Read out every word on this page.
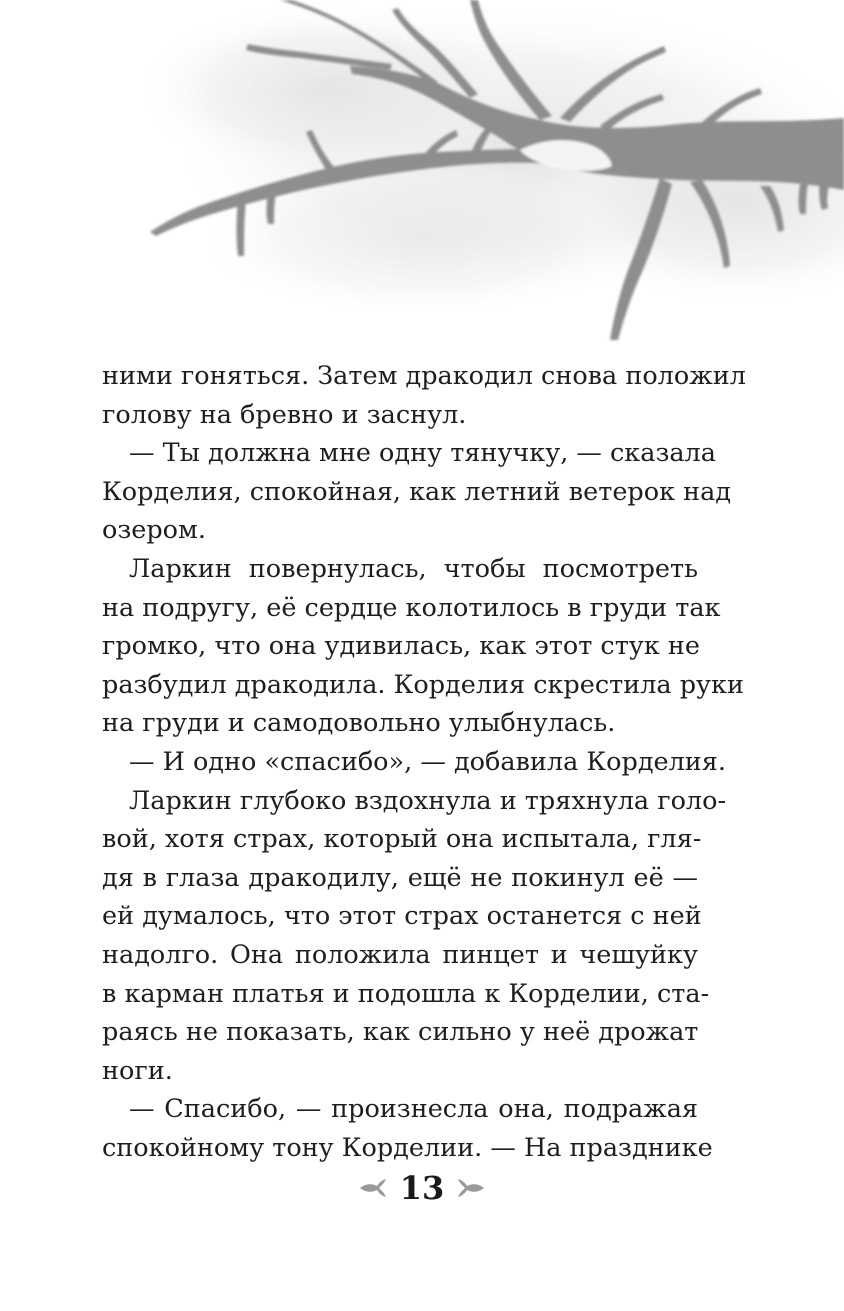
ними гоняться. Затем дракодил снова положил
голову на бревно и заснул.
— Ты должна мне одну тянучку, — сказала
Корделия, спокойная, как летний ветерок над
озером.
Ларкин повернулась, чтобы посмотреть
на подругу, её сердце колотилось в груди так
громко, что она удивилась, как этот стук не
разбудил дракодила. Корделия скрестила руки
на груди и самодовольно улыбнулась.
— И одно «спасибо», — добавила Корделия.
Ларкин глубоко вздохнула и тряхнула голо-
вой, хотя страх, который она испытала, гля-
дя в глаза дракодилу, ещё не покинул её —
ей думалось, что этот страх останется с ней
надолго. Она положила пинцет и чешуйку
в карман платья и подошла к Корделии, ста-
раясь не показать, как сильно у неё дрожат
ноги.
— Спасибо, — произнесла она, подражая
спокойному тону Корделии. — На празднике
13
